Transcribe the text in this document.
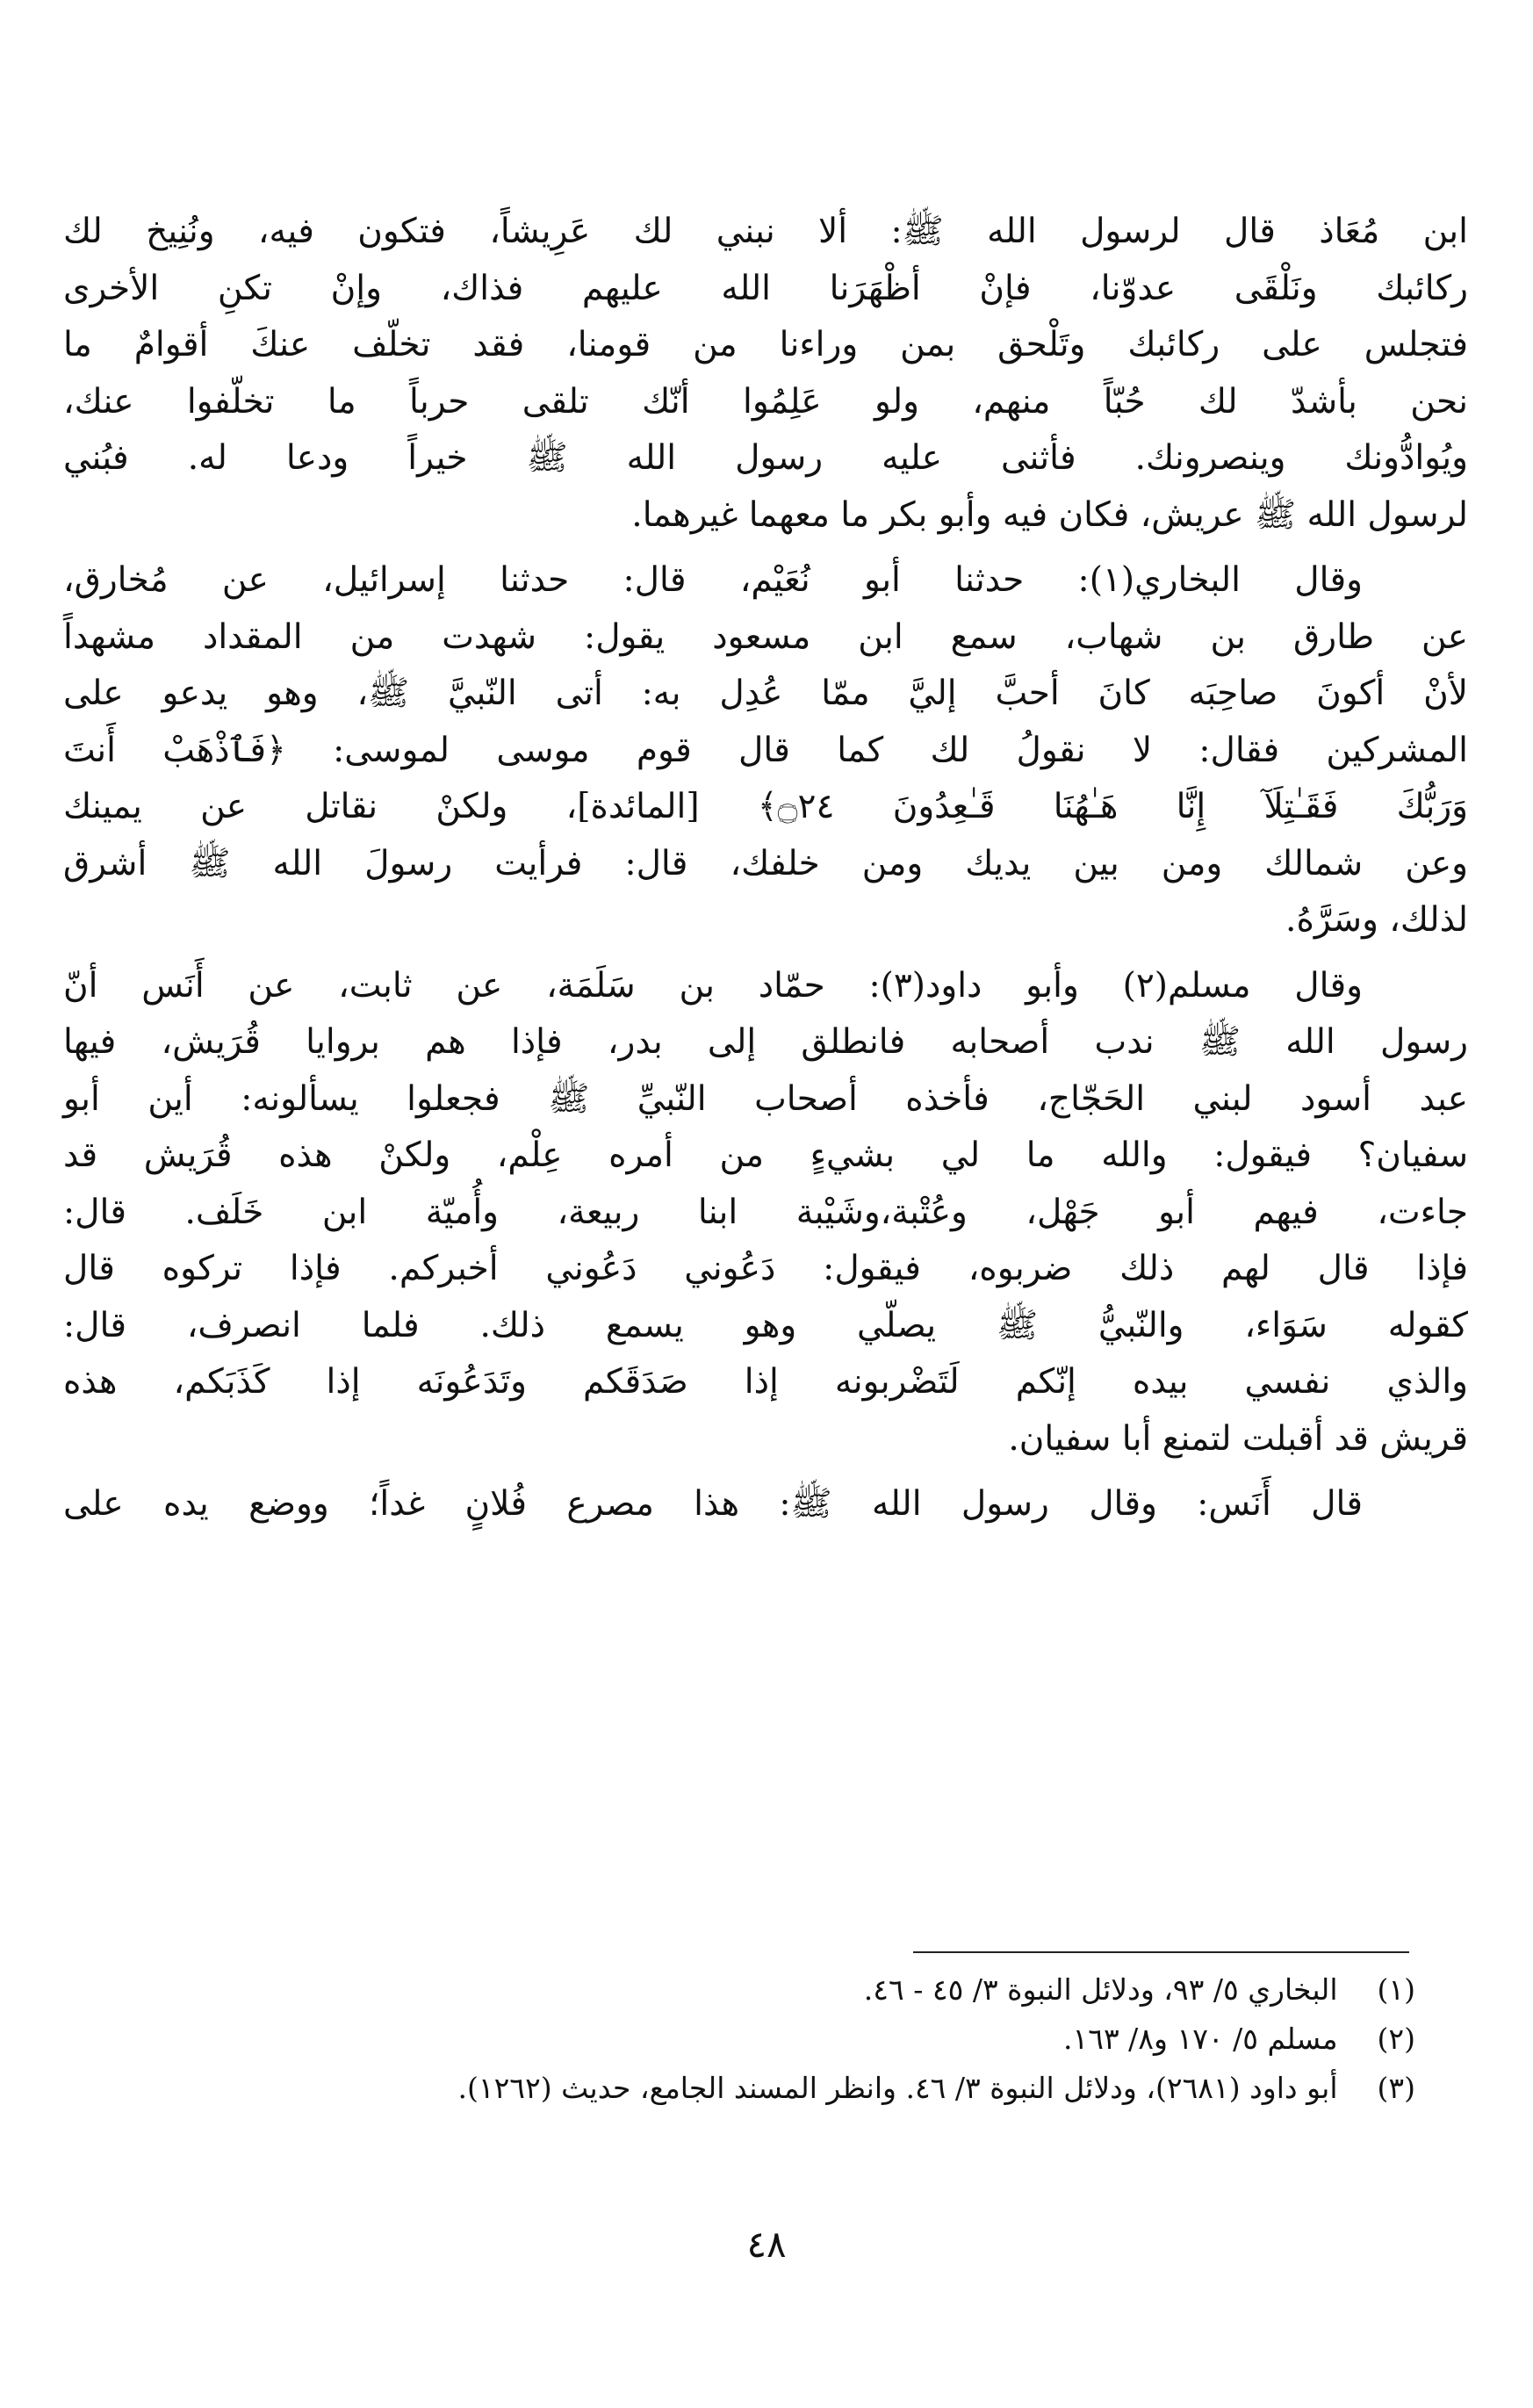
ابن مُعَاذ قال لرسول الله ﷺ: ألا نبني لك عَرِيشاً، فتكون فيه، ونُنِيخ لك
ركائبك ونَلْقَى عدوّنا، فإنْ أظْهَرَنا الله عليهم فذاك، وإنْ تكنِ الأخرى
فتجلس على ركائبك وتَلْحق بمن وراءنا من قومنا، فقد تخلّف عنكَ أقوامٌ ما
نحن بأشدّ لك حُبّاً منهم، ولو عَلِمُوا أنّك تلقى حرباً ما تخلّفوا عنك،
ويُوادُّونك وينصرونك. فأثنى عليه رسول الله ﷺ خيراً ودعا له. فبُني
لرسول الله ﷺ عريش، فكان فيه وأبو بكر ما معهما غيرهما.
وقال البخاري(١): حدثنا أبو نُعَيْم، قال: حدثنا إسرائيل، عن مُخارق،
عن طارق بن شهاب، سمع ابن مسعود يقول: شهدت من المقداد مشهداً
لأنْ أكونَ صاحِبَه كانَ أحبَّ إليَّ ممّا عُدِل به: أتى النّبيَّ ﷺ، وهو يدعو على
المشركين فقال: لا نقولُ لك كما قال قوم موسى لموسى: ﴿فَٱذْهَبْ أَنتَ
وَرَبُّكَ فَقَـٰتِلَآ إِنَّا هَـٰهُنَا قَـٰعِدُونَ ۝٢٤﴾ [المائدة]، ولكنْ نقاتل عن يمينك
وعن شمالك ومن بين يديك ومن خلفك، قال: فرأيت رسولَ الله ﷺ أشرق
لذلك، وسَرَّهُ.
وقال مسلم(٢) وأبو داود(٣): حمّاد بن سَلَمَة، عن ثابت، عن أَنَس أنّ
رسول الله ﷺ ندب أصحابه فانطلق إلى بدر، فإذا هم بروايا قُرَيش، فيها
عبد أسود لبني الحَجّاج، فأخذه أصحاب النّبيِّ ﷺ فجعلوا يسألونه: أين أبو
سفيان؟ فيقول: والله ما لي بشيءٍ من أمره عِلْم، ولكنْ هذه قُرَيش قد
جاءت، فيهم أبو جَهْل، وعُتْبة،وشَيْبة ابنا ربيعة، وأُميّة ابن خَلَف. قال:
فإذا قال لهم ذلك ضربوه، فيقول: دَعُوني دَعُوني أخبركم. فإذا تركوه قال
كقوله سَوَاء، والنّبيُّ ﷺ يصلّي وهو يسمع ذلك. فلما انصرف، قال:
والذي نفسي بيده إنّكم لَتَضْربونه إذا صَدَقَكم وتَدَعُونَه إذا كَذَبَكم، هذه
قريش قد أقبلت لتمنع أبا سفيان.
قال أَنَس: وقال رسول الله ﷺ: هذا مصرع فُلانٍ غداً؛ ووضع يده على
(١) البخاري ٥/ ٩٣، ودلائل النبوة ٣/ ٤٥ - ٤٦.
(٢) مسلم ٥/ ١٧٠ و٨/ ١٦٣.
(٣) أبو داود (٢٦٨١)، ودلائل النبوة ٣/ ٤٦. وانظر المسند الجامع، حديث (١٢٦٢).
٤٨
